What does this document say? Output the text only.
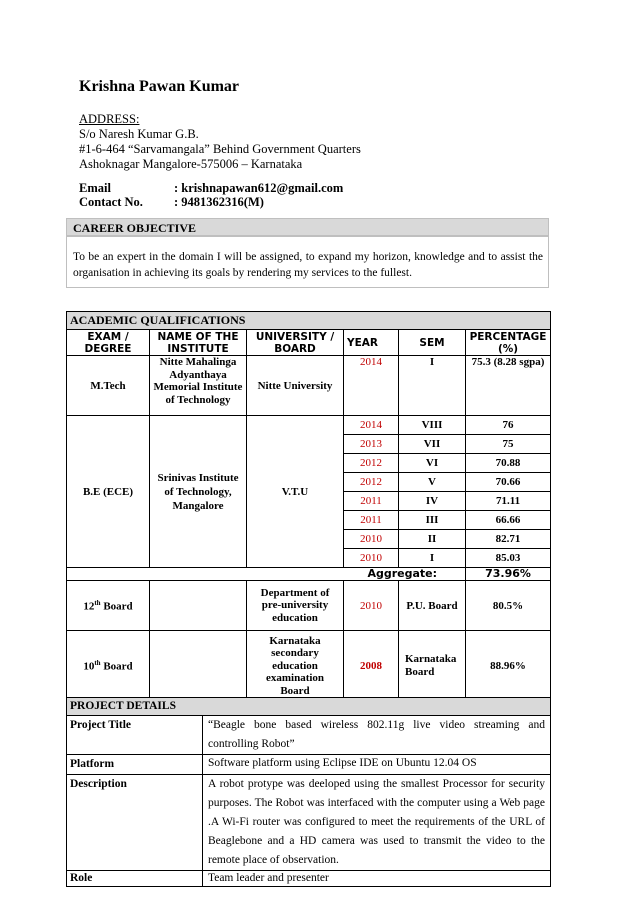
Krishna Pawan Kumar
ADDRESS:
S/o Naresh Kumar G.B.
#1-6-464 “Sarvamangala” Behind Government Quarters
Ashoknagar Mangalore-575006 – Karnataka
Email	: krishnapawan612@gmail.com
Contact No. : 9481362316(M)
CAREER OBJECTIVE
To be an expert in the domain I will be assigned, to expand my horizon, knowledge and to assist the organisation in achieving its goals by rendering my services to the fullest.
ACADEMIC QUALIFICATIONS					
EXAM / DEGREE	NAME OF THE INSTITUTE	UNIVERSITY / BOARD	YEAR	SEM	PERCENTAGE (%)
M.Tech	Nitte Mahalinga Adyanthaya Memorial Institute of Technology	Nitte University	2014	I	75.3 (8.28 sgpa)
B.E (ECE)	Srinivas Institute of Technology, Mangalore	V.T.U	2014	VIII	76
			2013	VII	75
			2012	VI	70.88
			2012	V	70.66
			2011	IV	71.11
			2011	III	66.66
			2010	II	82.71
			2010	I	85.03
Aggregate:					73.96%
12th Board		Department of pre-university education	2010	P.U. Board	80.5%
10th Board		Karnataka secondary education examination Board	2008	Karnataka Board	88.96%
PROJECT DETAILS	
Project Title	“Beagle bone based wireless 802.11g live video streaming and controlling Robot”
Platform	Software platform using Eclipse IDE on Ubuntu 12.04 OS
Description	A robot protype was deeloped using the smallest Processor for security purposes. The Robot was interfaced with the computer using a Web page .A Wi-Fi router was configured to meet the requirements of the URL of Beaglebone and a HD camera was used to transmit the video to the remote place of observation.
Role	Team leader and presenter
